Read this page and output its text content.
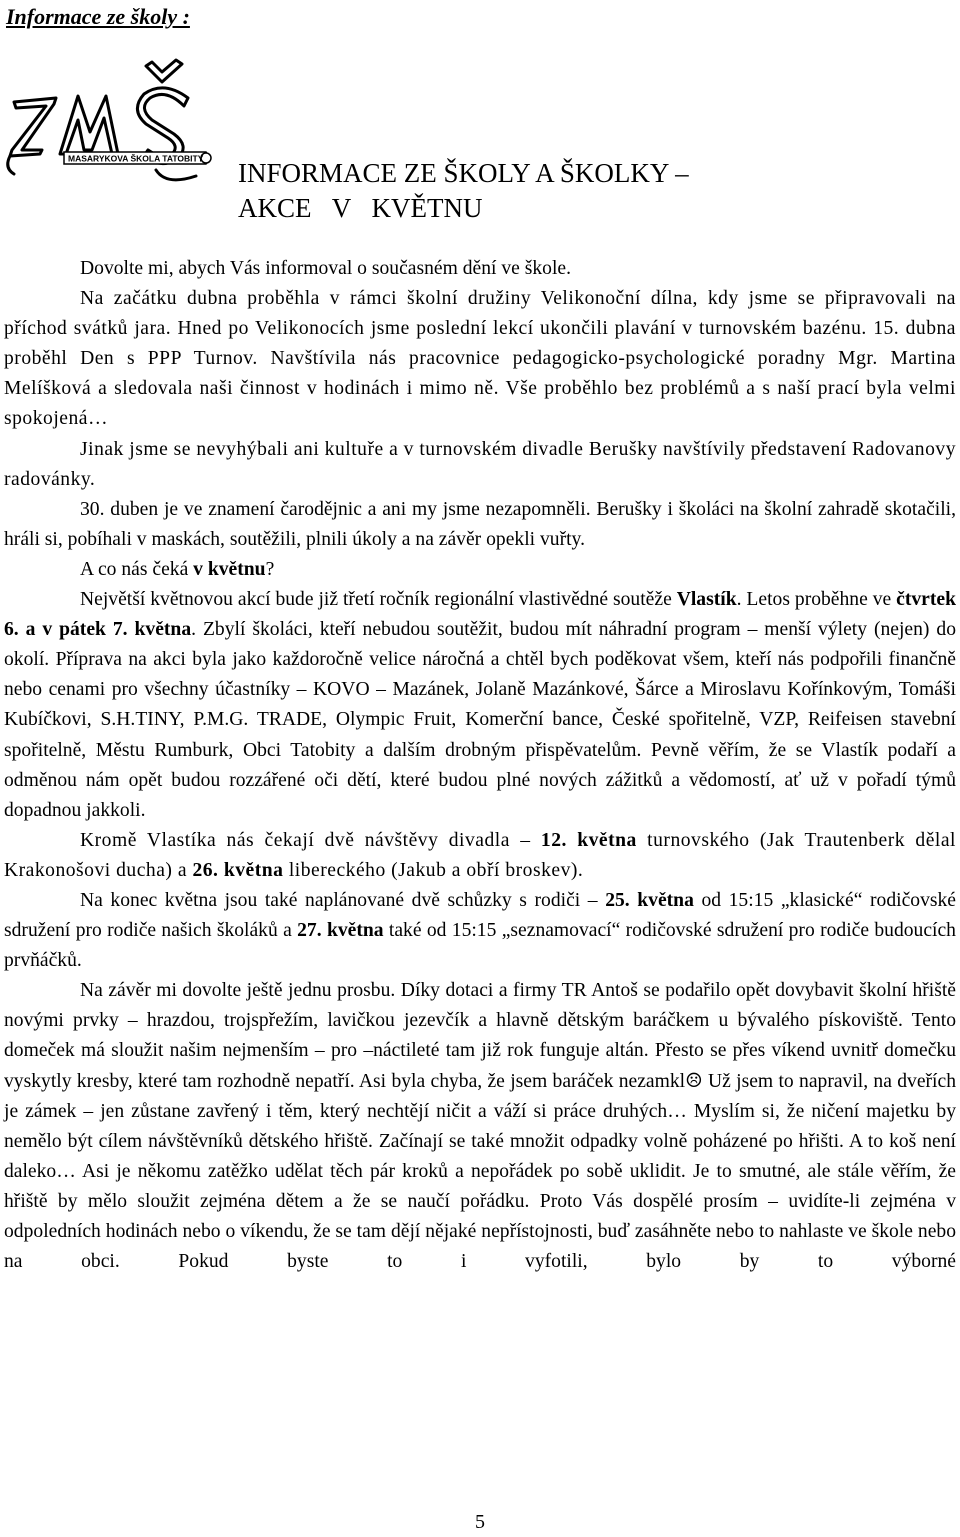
Informace ze školy :
MASARYKOVA ŠKOLA TATOBITY INFORMACE ZE ŠKOLY A ŠKOLKY –
AKCE V KVĚTNU

Dovolte mi, abych Vás informoval o současném dění ve škole.

Na začátku dubna proběhla v rámci školní družiny Velikonoční dílna, kdy jsme se připravovali na příchod svátků jara. Hned po Velikonocích jsme poslední lekcí ukončili plavání v turnovském bazénu. 15. dubna proběhl Den s PPP Turnov. Navštívila nás pracovnice pedagogicko-psychologické poradny Mgr. Martina Melíšková a sledovala naši činnost v hodinách i mimo ně. Vše proběhlo bez problémů a s naší prací byla velmi spokojená…

Jinak jsme se nevyhýbali ani kultuře a v turnovském divadle Berušky navštívily představení Radovanovy radovánky.

30. duben je ve znamení čarodějnic a ani my jsme nezapomněli. Berušky i školáci na školní zahradě skotačili, hráli si, pobíhali v maskách, soutěžili, plnili úkoly a na závěr opekli vuřty.

A co nás čeká v květnu?

Největší květnovou akcí bude již třetí ročník regionální vlastivědné soutěže Vlastík. Letos proběhne ve čtvrtek 6. a v pátek 7. května. Zbylí školáci, kteří nebudou soutěžit, budou mít náhradní program – menší výlety (nejen) do okolí. Příprava na akci byla jako každoročně velice náročná a chtěl bych poděkovat všem, kteří nás podpořili finančně nebo cenami pro všechny účastníky – KOVO – Mazánek, Jolaně Mazánkové, Šárce a Miroslavu Kořínkovým, Tomáši Kubíčkovi, S.H.TINY, P.M.G. TRADE, Olympic Fruit, Komerční bance, České spořitelně, VZP, Reifeisen stavební spořitelně, Městu Rumburk, Obci Tatobity a dalším drobným přispěvatelům. Pevně věřím, že se Vlastík podaří a odměnou nám opět budou rozzářené oči dětí, které budou plné nových zážitků a vědomostí, ať už v pořadí týmů dopadnou jakkoli.

Kromě Vlastíka nás čekají dvě návštěvy divadla – 12. května turnovského (Jak Trautenberk dělal Krakonošovi ducha) a 26. května libereckého (Jakub a obří broskev).

Na konec května jsou také naplánované dvě schůzky s rodiči – 25. května od 15:15 „klasické“ rodičovské sdružení pro rodiče našich školáků a 27. května také od 15:15 „seznamovací“ rodičovské sdružení pro rodiče budoucích prvňáčků.

Na závěr mi dovolte ještě jednu prosbu. Díky dotaci a firmy TR Antoš se podařilo opět dovybavit školní hřiště novými prvky – hrazdou, trojspřežím, lavičkou jezevčík a hlavně dětským baráčkem u bývalého pískoviště. Tento domeček má sloužit našim nejmenším – pro –náctileté tam již rok funguje altán. Přesto se přes víkend uvnitř domečku vyskytly kresby, které tam rozhodně nepatří. Asi byla chyba, že jsem baráček nezamkl☹ Už jsem to napravil, na dveřích je zámek – jen zůstane zavřený i těm, který nechtějí ničit a váží si práce druhých… Myslím si, že ničení majetku by nemělo být cílem návštěvníků dětského hřiště. Začínají se také množit odpadky volně poházené po hřišti. A to koš není daleko… Asi je někomu zatěžko udělat těch pár kroků a nepořádek po sobě uklidit. Je to smutné, ale stále věřím, že hřiště by mělo sloužit zejména dětem a že se naučí pořádku. Proto Vás dospělé prosím – uvidíte-li zejména v odpoledních hodinách nebo o víkendu, že se tam dějí nějaké nepřístojnosti, buď zasáhněte nebo to nahlaste ve škole nebo na obci. Pokud byste to i vyfotili, bylo by to výborné

5
